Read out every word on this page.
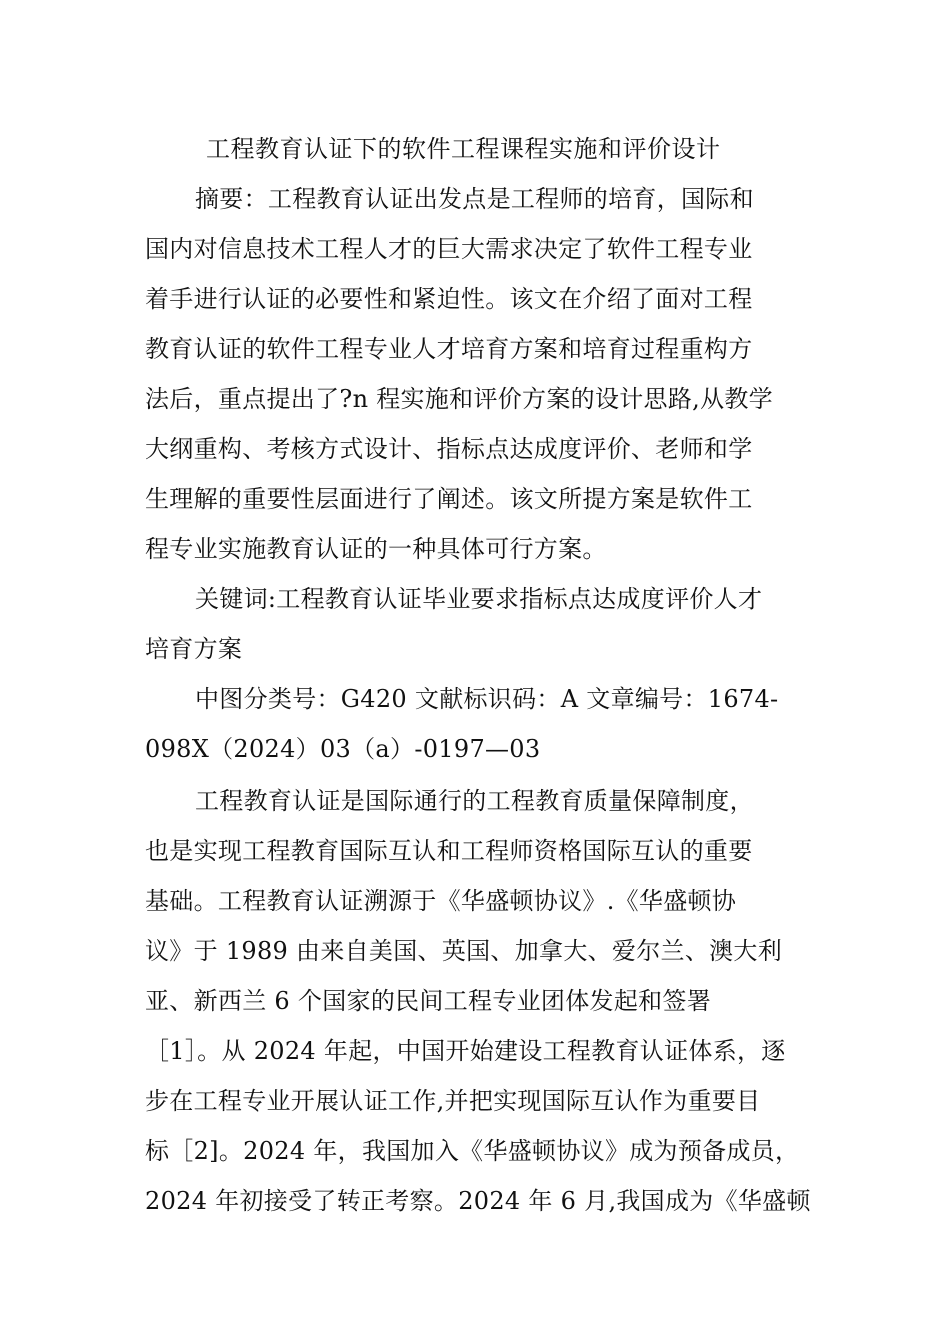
工程教育认证下的软件工程课程实施和评价设计
摘要：工程教育认证出发点是工程师的培育，国际和
国内对信息技术工程人才的巨大需求决定了软件工程专业
着手进行认证的必要性和紧迫性。该文在介绍了面对工程
教育认证的软件工程专业人才培育方案和培育过程重构方
法后，重点提出了?n 程实施和评价方案的设计思路,从教学
大纲重构、考核方式设计、指标点达成度评价、老师和学
生理解的重要性层面进行了阐述。该文所提方案是软件工
程专业实施教育认证的一种具体可行方案。
关键词:工程教育认证毕业要求指标点达成度评价人才
培育方案
中图分类号：G420 文献标识码：A 文章编号：1674-
098X（2024）03（a）-0197—03
工程教育认证是国际通行的工程教育质量保障制度，
也是实现工程教育国际互认和工程师资格国际互认的重要
基础。工程教育认证溯源于《华盛顿协议》.《华盛顿协
议》于 1989 由来自美国、英国、加拿大、爱尔兰、澳大利
亚、新西兰 6 个国家的民间工程专业团体发起和签署
［1］。从 2024 年起，中国开始建设工程教育认证体系，逐
步在工程专业开展认证工作,并把实现国际互认作为重要目
标［2]。2024 年，我国加入《华盛顿协议》成为预备成员，
2024 年初接受了转正考察。2024 年 6 月,我国成为《华盛顿
